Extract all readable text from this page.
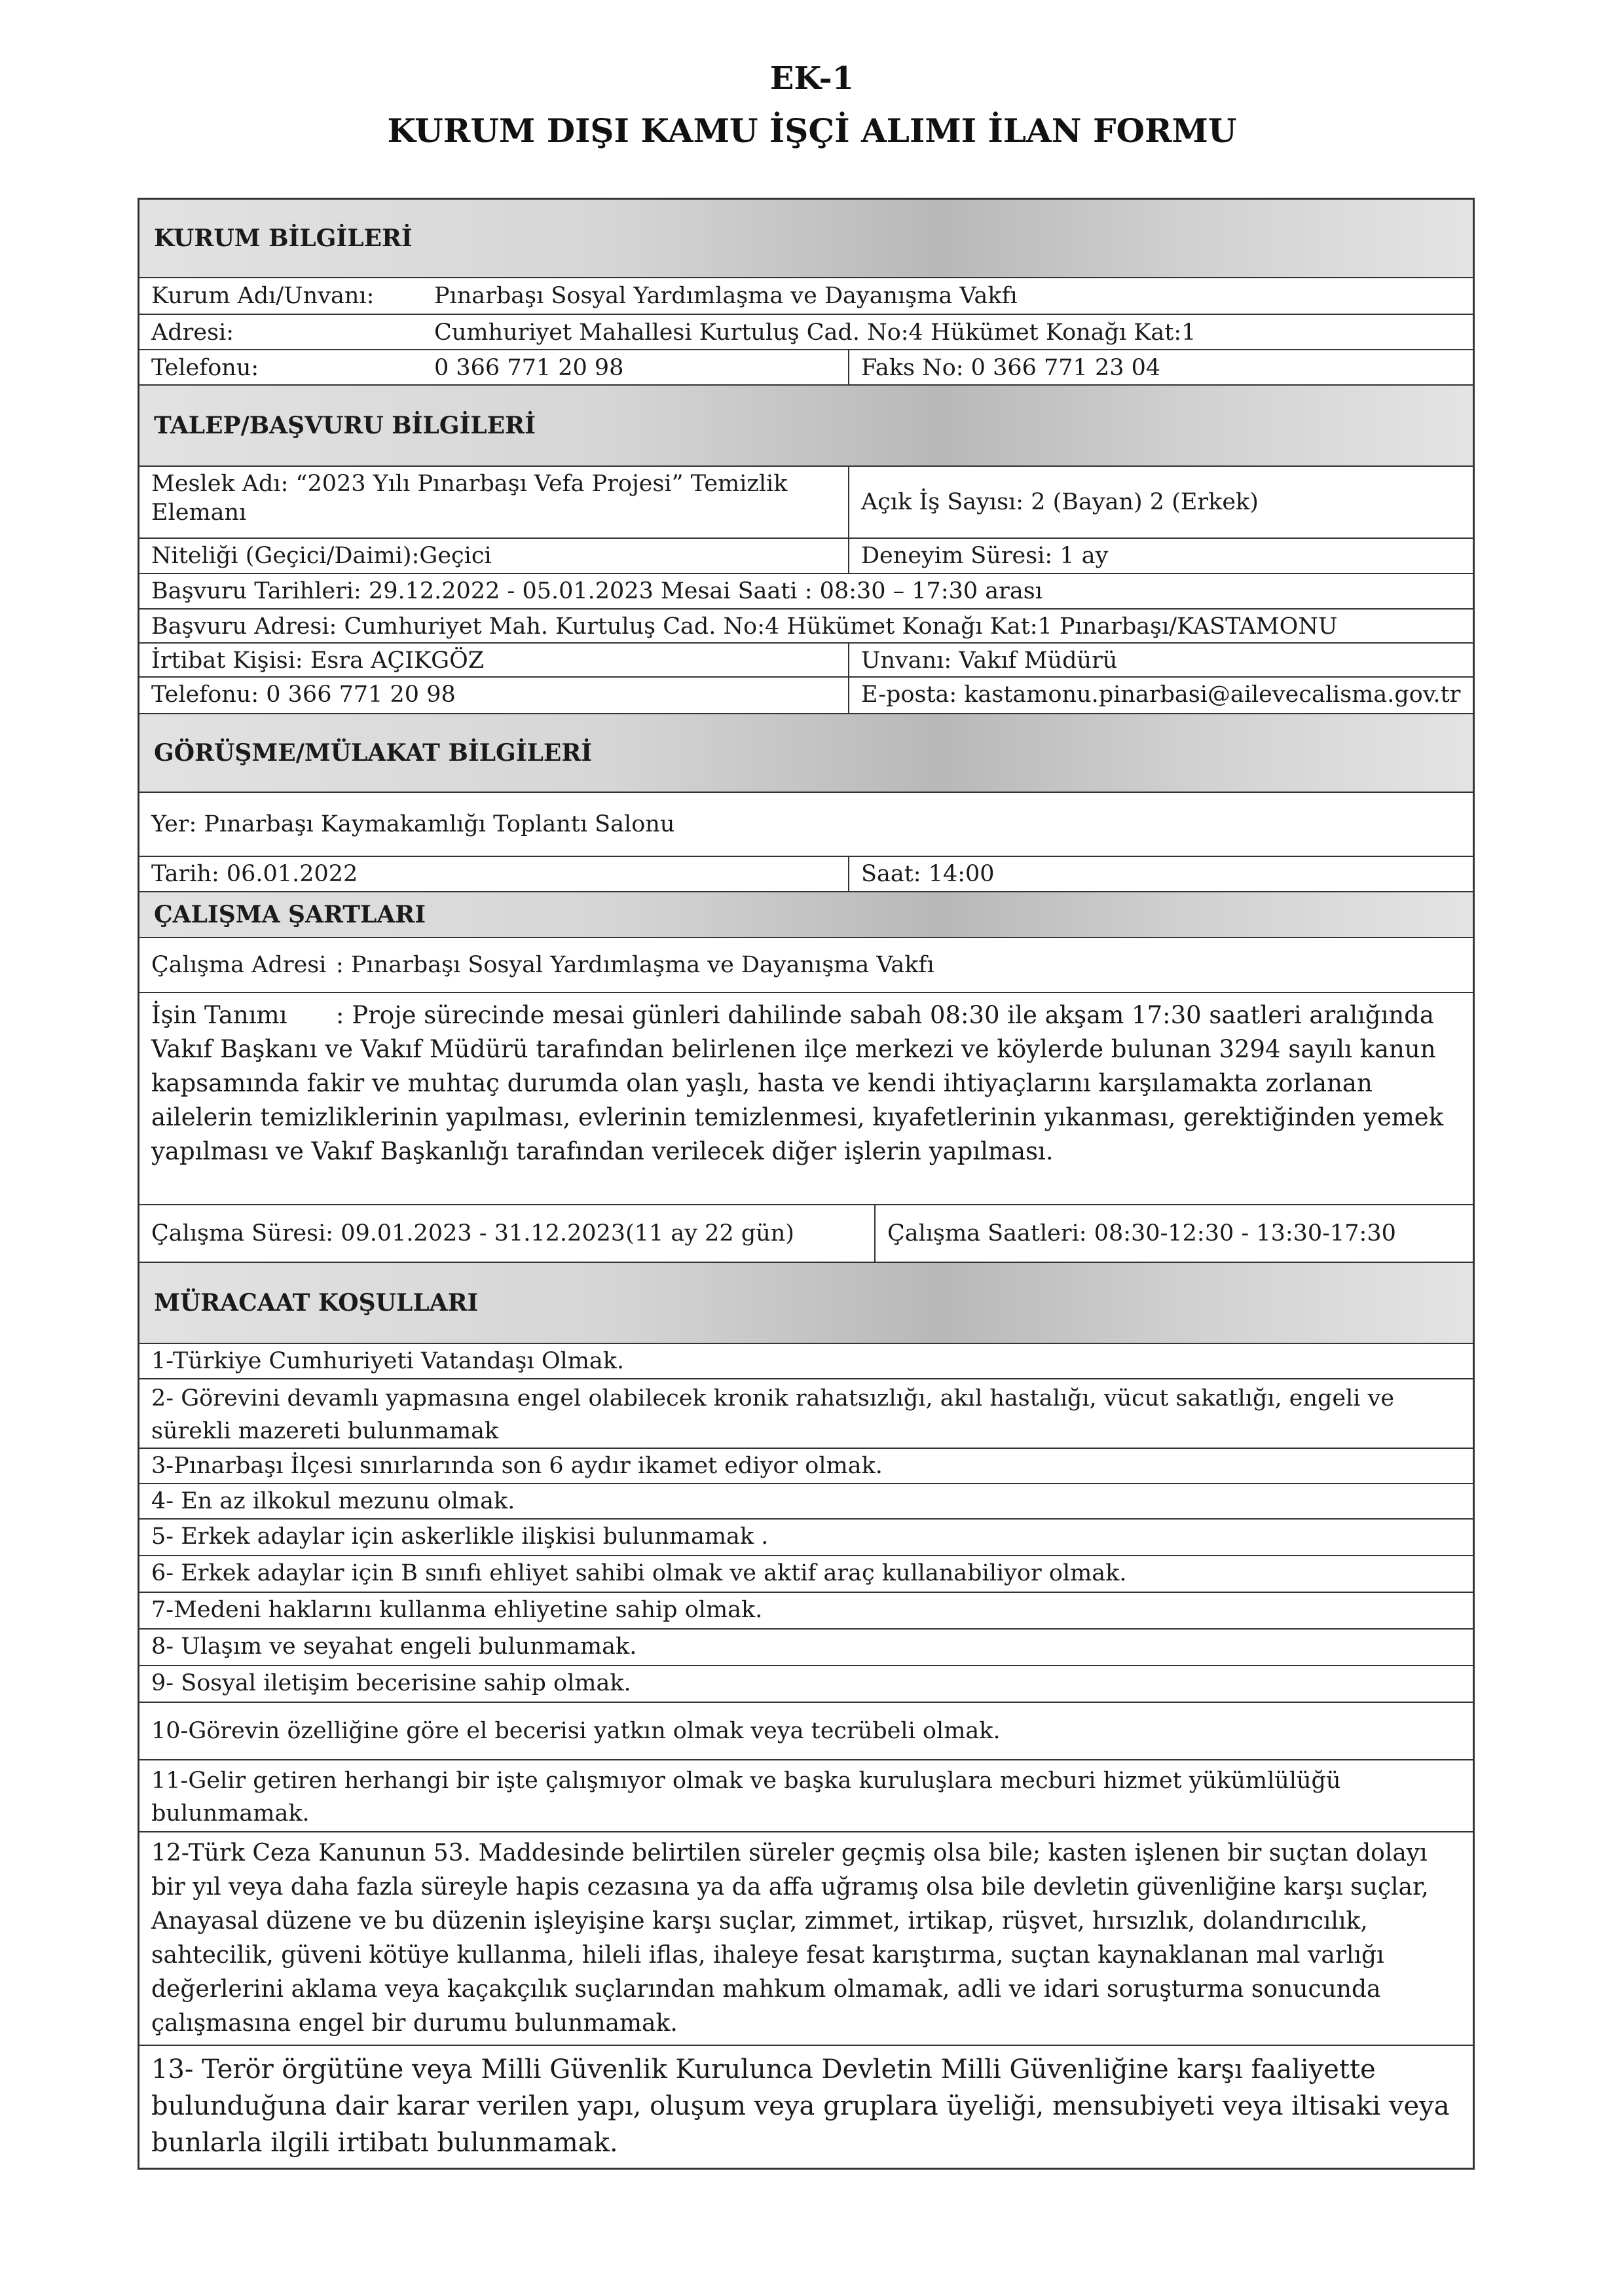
EK-1
KURUM DIŞI KAMU İŞÇİ ALIMI İLAN FORMU
KURUM BİLGİLERİ
Kurum Adı/Unvanı:	Pınarbaşı Sosyal Yardımlaşma ve Dayanışma Vakfı
Adresi:	Cumhuriyet Mahallesi Kurtuluş Cad. No:4 Hükümet Konağı Kat:1
Telefonu:	0 366 771 20 98	Faks No: 0 366 771 23 04
TALEP/BAŞVURU BİLGİLERİ
Meslek Adı: “2023 Yılı Pınarbaşı Vefa Projesi” Temizlik Elemanı	Açık İş Sayısı: 2 (Bayan) 2 (Erkek)
Niteliği (Geçici/Daimi):Geçici	Deneyim Süresi: 1 ay
Başvuru Tarihleri: 29.12.2022 - 05.01.2023 Mesai Saati : 08:30 – 17:30 arası
Başvuru Adresi: Cumhuriyet Mah. Kurtuluş Cad. No:4 Hükümet Konağı Kat:1 Pınarbaşı/KASTAMONU
İrtibat Kişisi: Esra AÇIKGÖZ	Unvanı: Vakıf Müdürü
Telefonu: 0 366 771 20 98	E-posta: kastamonu.pinarbasi@ailevecalisma.gov.tr
GÖRÜŞME/MÜLAKAT BİLGİLERİ
Yer: Pınarbaşı Kaymakamlığı Toplantı Salonu
Tarih: 06.01.2022	Saat: 14:00
ÇALIŞMA ŞARTLARI
Çalışma Adresi : Pınarbaşı Sosyal Yardımlaşma ve Dayanışma Vakfı
İşin Tanımı : Proje sürecinde mesai günleri dahilinde sabah 08:30 ile akşam 17:30 saatleri aralığında Vakıf Başkanı ve Vakıf Müdürü tarafından belirlenen ilçe merkezi ve köylerde bulunan 3294 sayılı kanun kapsamında fakir ve muhtaç durumda olan yaşlı, hasta ve kendi ihtiyaçlarını karşılamakta zorlanan ailelerin temizliklerinin yapılması, evlerinin temizlenmesi, kıyafetlerinin yıkanması, gerektiğinden yemek yapılması ve Vakıf Başkanlığı tarafından verilecek diğer işlerin yapılması.
Çalışma Süresi: 09.01.2023 - 31.12.2023(11 ay 22 gün)	Çalışma Saatleri: 08:30-12:30 - 13:30-17:30
MÜRACAAT KOŞULLARI
1-Türkiye Cumhuriyeti Vatandaşı Olmak.
2- Görevini devamlı yapmasına engel olabilecek kronik rahatsızlığı, akıl hastalığı, vücut sakatlığı, engeli ve sürekli mazereti bulunmamak
3-Pınarbaşı İlçesi sınırlarında son 6 aydır ikamet ediyor olmak.
4- En az ilkokul mezunu olmak.
5- Erkek adaylar için askerlikle ilişkisi bulunmamak .
6- Erkek adaylar için B sınıfı ehliyet sahibi olmak ve aktif araç kullanabiliyor olmak.
7-Medeni haklarını kullanma ehliyetine sahip olmak.
8- Ulaşım ve seyahat engeli bulunmamak.
9- Sosyal iletişim becerisine sahip olmak.
10-Görevin özelliğine göre el becerisi yatkın olmak veya tecrübeli olmak.
11-Gelir getiren herhangi bir işte çalışmıyor olmak ve başka kuruluşlara mecburi hizmet yükümlülüğü bulunmamak.
12-Türk Ceza Kanunun 53. Maddesinde belirtilen süreler geçmiş olsa bile; kasten işlenen bir suçtan dolayı bir yıl veya daha fazla süreyle hapis cezasına ya da affa uğramış olsa bile devletin güvenliğine karşı suçlar, Anayasal düzene ve bu düzenin işleyişine karşı suçlar, zimmet, irtikap, rüşvet, hırsızlık, dolandırıcılık, sahtecilik, güveni kötüye kullanma, hileli iflas, ihaleye fesat karıştırma, suçtan kaynaklanan mal varlığı değerlerini aklama veya kaçakçılık suçlarından mahkum olmamak, adli ve idari soruşturma sonucunda çalışmasına engel bir durumu bulunmamak.
13- Terör örgütüne veya Milli Güvenlik Kurulunca Devletin Milli Güvenliğine karşı faaliyette bulunduğuna dair karar verilen yapı, oluşum veya gruplara üyeliği, mensubiyeti veya iltisaki veya bunlarla ilgili irtibatı bulunmamak.
